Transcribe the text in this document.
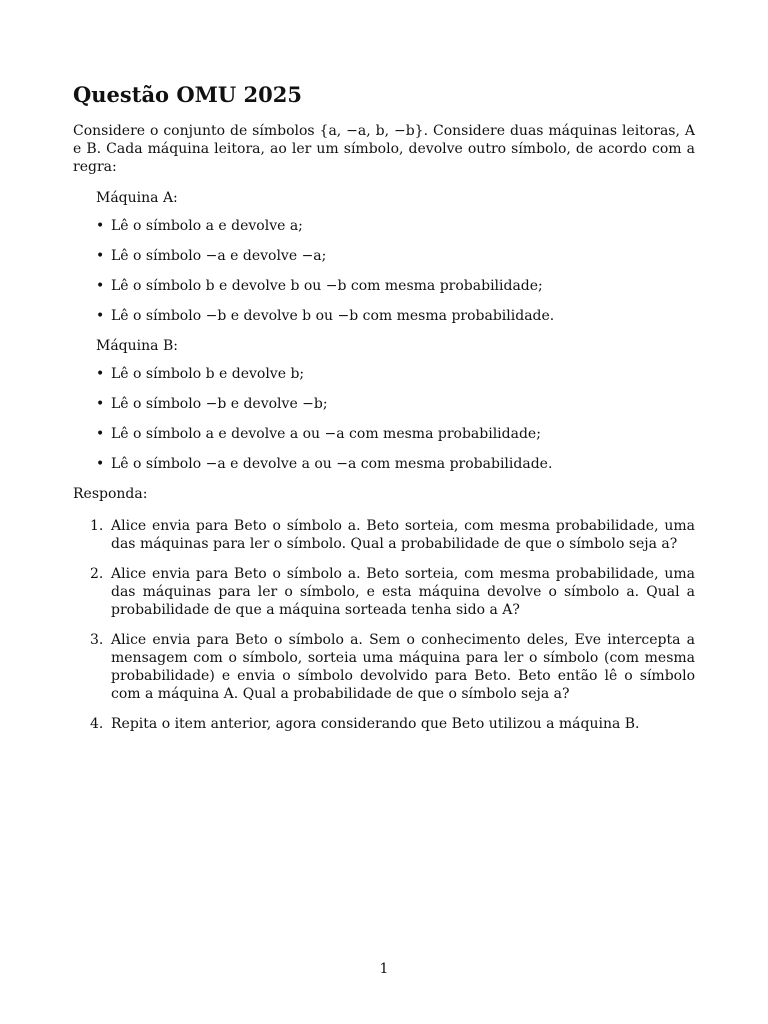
Questão OMU 2025

Considere o conjunto de símbolos {a, −a, b, −b}. Considere duas máquinas leitoras, A e B. Cada máquina leitora, ao ler um símbolo, devolve outro símbolo, de acordo com a regra:

Máquina A:

• Lê o símbolo a e devolve a;
• Lê o símbolo −a e devolve −a;
• Lê o símbolo b e devolve b ou −b com mesma probabilidade;
• Lê o símbolo −b e devolve b ou −b com mesma probabilidade.

Máquina B:

• Lê o símbolo b e devolve b;
• Lê o símbolo −b e devolve −b;
• Lê o símbolo a e devolve a ou −a com mesma probabilidade;
• Lê o símbolo −a e devolve a ou −a com mesma probabilidade.

Responda:

1. Alice envia para Beto o símbolo a. Beto sorteia, com mesma probabilidade, uma das máquinas para ler o símbolo. Qual a probabilidade de que o símbolo seja a?

2. Alice envia para Beto o símbolo a. Beto sorteia, com mesma probabilidade, uma das máquinas para ler o símbolo, e esta máquina devolve o símbolo a. Qual a probabilidade de que a máquina sorteada tenha sido a A?

3. Alice envia para Beto o símbolo a. Sem o conhecimento deles, Eve intercepta a mensagem com o símbolo, sorteia uma máquina para ler o símbolo (com mesma probabilidade) e envia o símbolo devolvido para Beto. Beto então lê o símbolo com a máquina A. Qual a probabilidade de que o símbolo seja a?

4. Repita o item anterior, agora considerando que Beto utilizou a máquina B.

1
